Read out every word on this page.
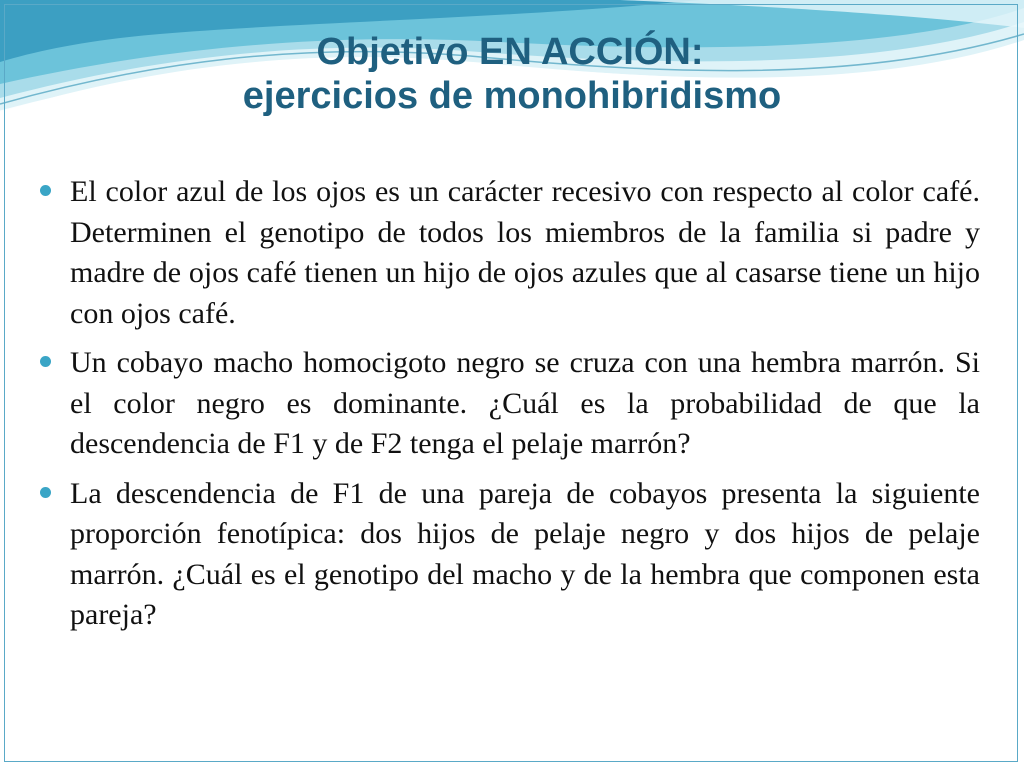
Objetivo EN ACCIÓN:
ejercicios de monohibridismo
El color azul de los ojos es un carácter recesivo con respecto al color café. Determinen el genotipo de todos los miembros de la familia si padre y madre de ojos café tienen un hijo de ojos azules que al casarse tiene un hijo con ojos café.
Un cobayo macho homocigoto negro se cruza con una hembra marrón. Si el color negro es dominante. ¿Cuál es la probabilidad de que la descendencia de F1 y de F2 tenga el pelaje marrón?
La descendencia de F1 de una pareja de cobayos presenta la siguiente proporción fenotípica: dos hijos de pelaje negro y dos hijos de pelaje marrón. ¿Cuál es el genotipo del macho y de la hembra que componen esta pareja?
